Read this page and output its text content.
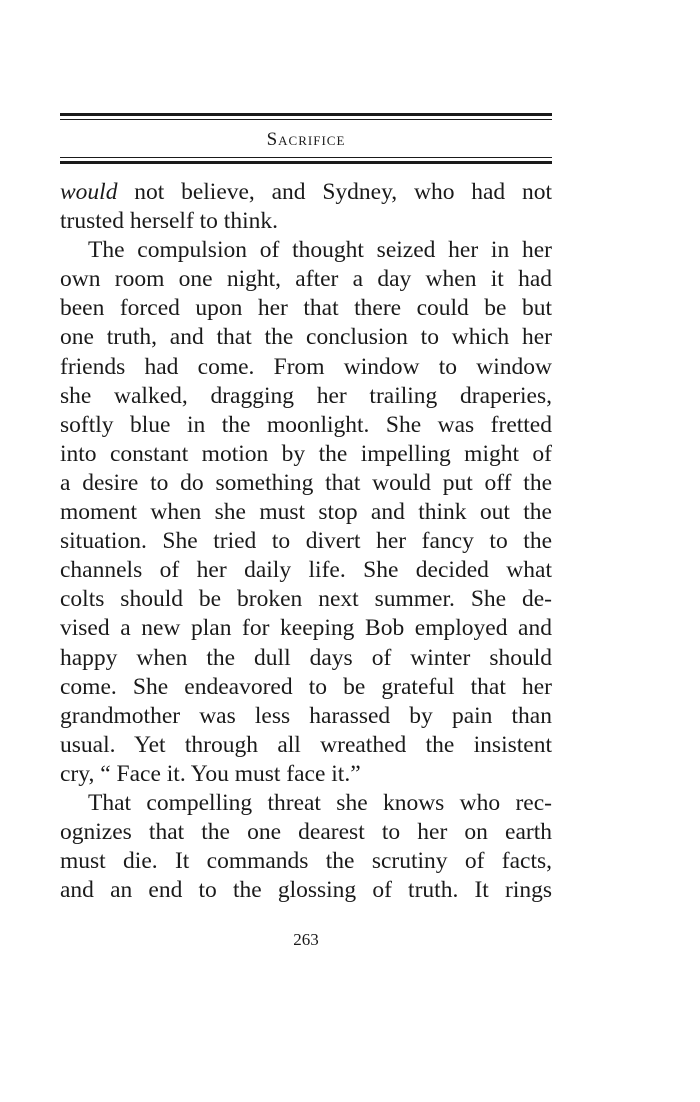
Sacrifice
would not believe, and Sydney, who had not
trusted herself to think.
The compulsion of thought seized her in her
own room one night, after a day when it had
been forced upon her that there could be but
one truth, and that the conclusion to which her
friends had come. From window to window
she walked, dragging her trailing draperies,
softly blue in the moonlight. She was fretted
into constant motion by the impelling might of
a desire to do something that would put off the
moment when she must stop and think out the
situation. She tried to divert her fancy to the
channels of her daily life. She decided what
colts should be broken next summer. She de-
vised a new plan for keeping Bob employed and
happy when the dull days of winter should
come. She endeavored to be grateful that her
grandmother was less harassed by pain than
usual. Yet through all wreathed the insistent
cry, “ Face it. You must face it.”
That compelling threat she knows who rec-
ognizes that the one dearest to her on earth
must die. It commands the scrutiny of facts,
and an end to the glossing of truth. It rings
263
